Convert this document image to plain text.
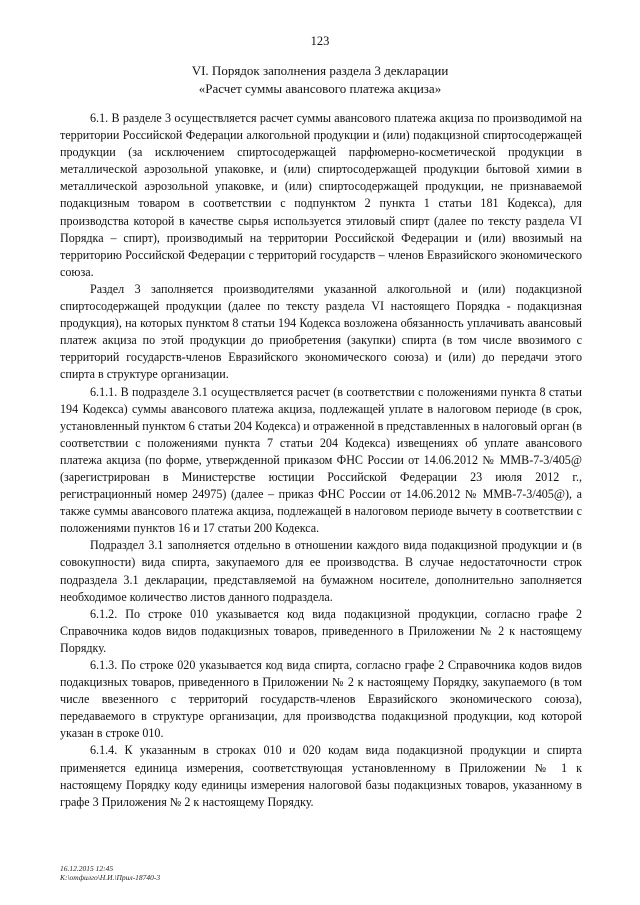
123
VI. Порядок заполнения раздела 3 декларации
«Расчет суммы авансового платежа акциза»

6.1. В разделе 3 осуществляется расчет суммы авансового платежа акциза по производимой на территории Российской Федерации алкогольной продукции и (или) подакцизной спиртосодержащей продукции (за исключением спиртосодержащей парфюмерно-косметической продукции в металлической аэрозольной упаковке, и (или) спиртосодержащей продукции бытовой химии в металлической аэрозольной упаковке, и (или) спиртосодержащей продукции, не признаваемой подакцизным товаром в соответствии с подпунктом 2 пункта 1 статьи 181 Кодекса), для производства которой в качестве сырья используется этиловый спирт (далее по тексту раздела VI Порядка – спирт), производимый на территории Российской Федерации и (или) ввозимый на территорию Российской Федерации с территорий государств – членов Евразийского экономического союза.

Раздел 3 заполняется производителями указанной алкогольной и (или) подакцизной спиртосодержащей продукции (далее по тексту раздела VI настоящего Порядка - подакцизная продукция), на которых пунктом 8 статьи 194 Кодекса возложена обязанность уплачивать авансовый платеж акциза по этой продукции до приобретения (закупки) спирта (в том числе ввозимого с территорий государств-членов Евразийского экономического союза) и (или) до передачи этого спирта в структуре организации.

6.1.1. В подразделе 3.1 осуществляется расчет (в соответствии с положениями пункта 8 статьи 194 Кодекса) суммы авансового платежа акциза, подлежащей уплате в налоговом периоде (в срок, установленный пунктом 6 статьи 204 Кодекса) и отраженной в представленных в налоговый орган (в соответствии с положениями пункта 7 статьи 204 Кодекса) извещениях об уплате авансового платежа акциза (по форме, утвержденной приказом ФНС России от 14.06.2012 № ММВ-7-3/405@ (зарегистрирован в Министерстве юстиции Российской Федерации 23 июля 2012 г., регистрационный номер 24975) (далее – приказ ФНС России от 14.06.2012 № ММВ-7-3/405@), а также суммы авансового платежа акциза, подлежащей в налоговом периоде вычету в соответствии с положениями пунктов 16 и 17 статьи 200 Кодекса.

Подраздел 3.1 заполняется отдельно в отношении каждого вида подакцизной продукции и (в совокупности) вида спирта, закупаемого для ее производства. В случае недостаточности строк подраздела 3.1 декларации, представляемой на бумажном носителе, дополнительно заполняется необходимое количество листов данного подраздела.

6.1.2. По строке 010 указывается код вида подакцизной продукции, согласно графе 2 Справочника кодов видов подакцизных товаров, приведенного в Приложении № 2 к настоящему Порядку.

6.1.3. По строке 020 указывается код вида спирта, согласно графе 2 Справочника кодов видов подакцизных товаров, приведенного в Приложении № 2 к настоящему Порядку, закупаемого (в том числе ввезенного с территорий государств-членов Евразийского экономического союза), передаваемого в структуре организации, для производства подакцизной продукции, код которой указан в строке 010.

6.1.4. К указанным в строках 010 и 020 кодам вида подакцизной продукции и спирта применяется единица измерения, соответствующая установленному в Приложении № 1 к настоящему Порядку коду единицы измерения налоговой базы подакцизных товаров, указанному в графе 3 Приложения № 2 к настоящему Порядку.

16.12.2015 12:45
К:\отфилго\Н.И.\Прил-18740-3
